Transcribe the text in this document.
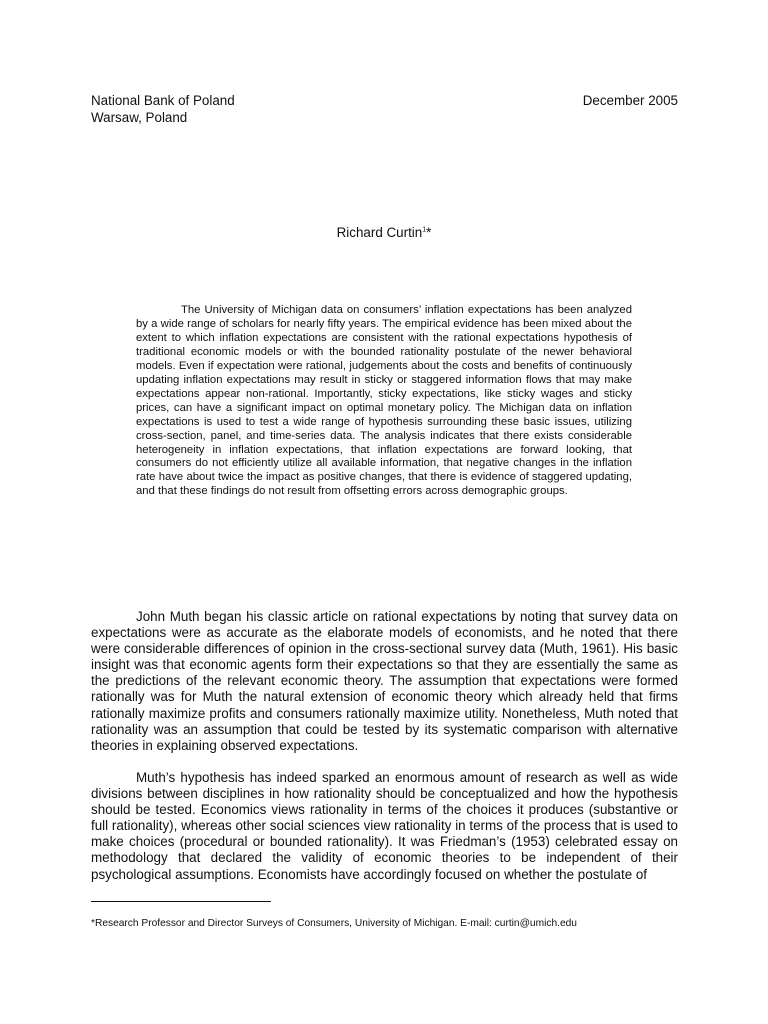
National Bank of Poland
Warsaw, Poland
December 2005
Richard Curtin$^1$*

The University of Michigan data on consumers’ inflation expectations has been analyzed by a wide range of scholars for nearly fifty years. The empirical evidence has been mixed about the extent to which inflation expectations are consistent with the rational expectations hypothesis of traditional economic models or with the bounded rationality postulate of the newer behavioral models. Even if expectation were rational, judgements about the costs and benefits of continuously updating inflation expectations may result in sticky or staggered information flows that may make expectations appear non-rational. Importantly, sticky expectations, like sticky wages and sticky prices, can have a significant impact on optimal monetary policy. The Michigan data on inflation expectations is used to test a wide range of hypothesis surrounding these basic issues, utilizing cross-section, panel, and time-series data. The analysis indicates that there exists considerable heterogeneity in inflation expectations, that inflation expectations are forward looking, that consumers do not efficiently utilize all available information, that negative changes in the inflation rate have about twice the impact as positive changes, that there is evidence of staggered updating, and that these findings do not result from offsetting errors across demographic groups.

John Muth began his classic article on rational expectations by noting that survey data on expectations were as accurate as the elaborate models of economists, and he noted that there were considerable differences of opinion in the cross-sectional survey data (Muth, 1961). His basic insight was that economic agents form their expectations so that they are essentially the same as the predictions of the relevant economic theory. The assumption that expectations were formed rationally was for Muth the natural extension of economic theory which already held that firms rationally maximize profits and consumers rationally maximize utility. Nonetheless, Muth noted that rationality was an assumption that could be tested by its systematic comparison with alternative theories in explaining observed expectations.

Muth’s hypothesis has indeed sparked an enormous amount of research as well as wide divisions between disciplines in how rationality should be conceptualized and how the hypothesis should be tested. Economics views rationality in terms of the choices it produces (substantive or full rationality), whereas other social sciences view rationality in terms of the process that is used to make choices (procedural or bounded rationality). It was Friedman’s (1953) celebrated essay on methodology that declared the validity of economic theories to be independent of their psychological assumptions. Economists have accordingly focused on whether the postulate of

*Research Professor and Director Surveys of Consumers, University of Michigan. E-mail: curtin@umich.edu
